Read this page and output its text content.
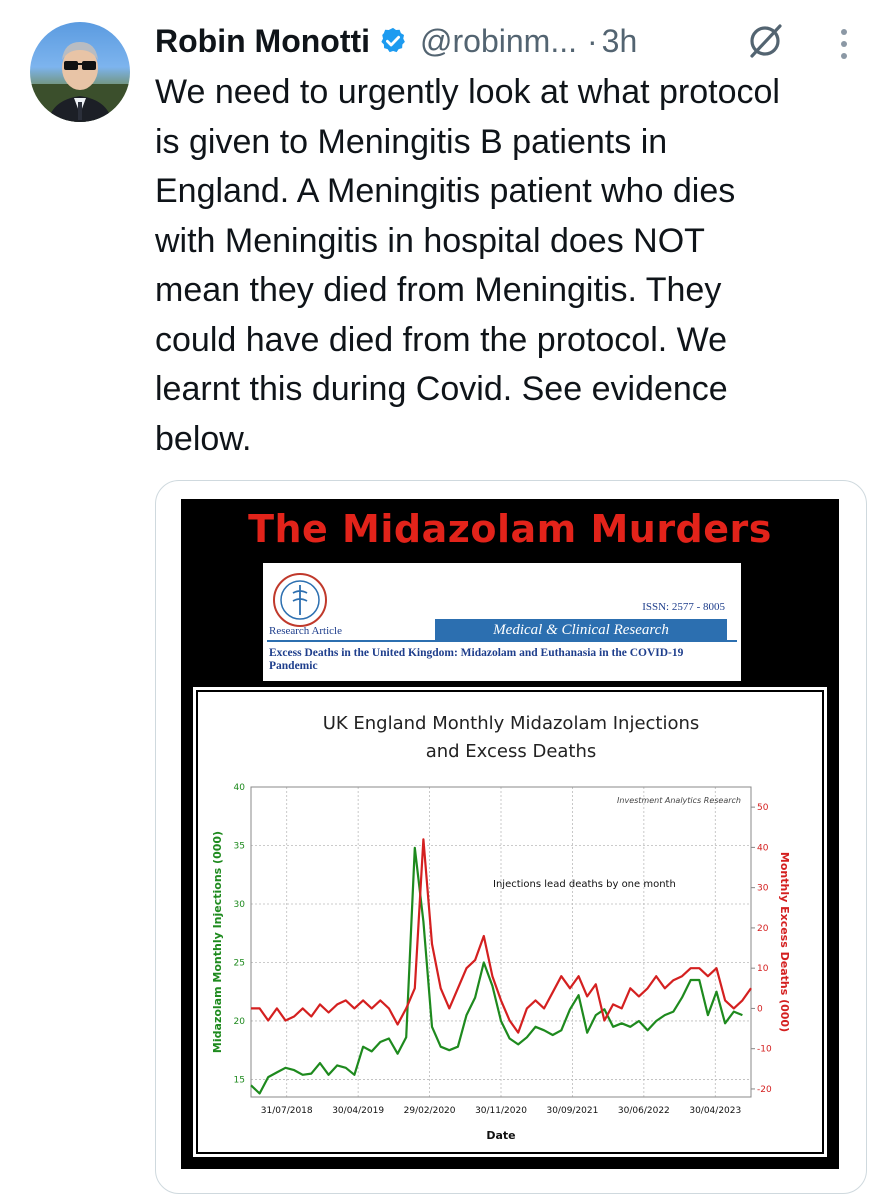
Robin Monotti @robinm... · 3h
We need to urgently look at what protocol
is given to Meningitis B patients in
England. A Meningitis patient who dies
with Meningitis in hospital does NOT
mean they died from Meningitis. They
could have died from the protocol. We
learnt this during Covid. See evidence
below.
The Midazolam Murders
ISSN: 2577 - 8005
Research Article	Medical & Clinical Research
Excess Deaths in the United Kingdom: Midazolam and Euthanasia in the COVID-19
Pandemic
UK England Monthly Midazolam Injections
and Excess Deaths
15
20
25
30
35
40
-20
-10
0
10
20
30
40
50
31/07/2018 30/04/2019 29/02/2020 30/11/2020 30/09/2021 30/06/2022 30/04/2023
Investment Analytics Research
Injections lead deaths by one month
Date
Midazolam Monthly Injections (000)	Monthly Excess Deaths (000)
